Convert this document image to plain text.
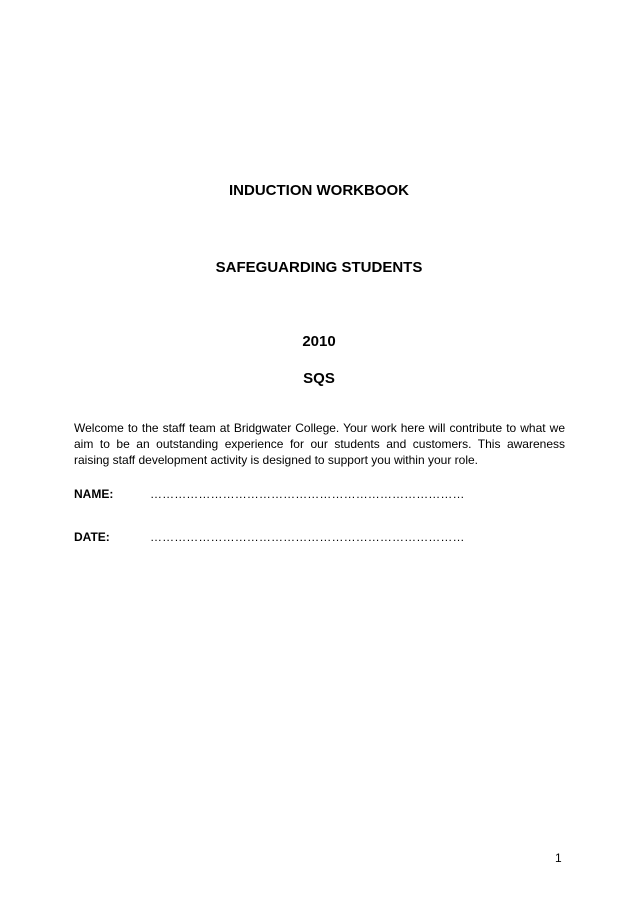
INDUCTION WORKBOOK
SAFEGUARDING STUDENTS
2010
SQS

Welcome to the staff team at Bridgwater College. Your work here will contribute to what we aim to be an outstanding experience for our students and customers. This awareness raising staff development activity is designed to support you within your role.

NAME:	……………………………………………………………………
DATE:	……………………………………………………………………
1
